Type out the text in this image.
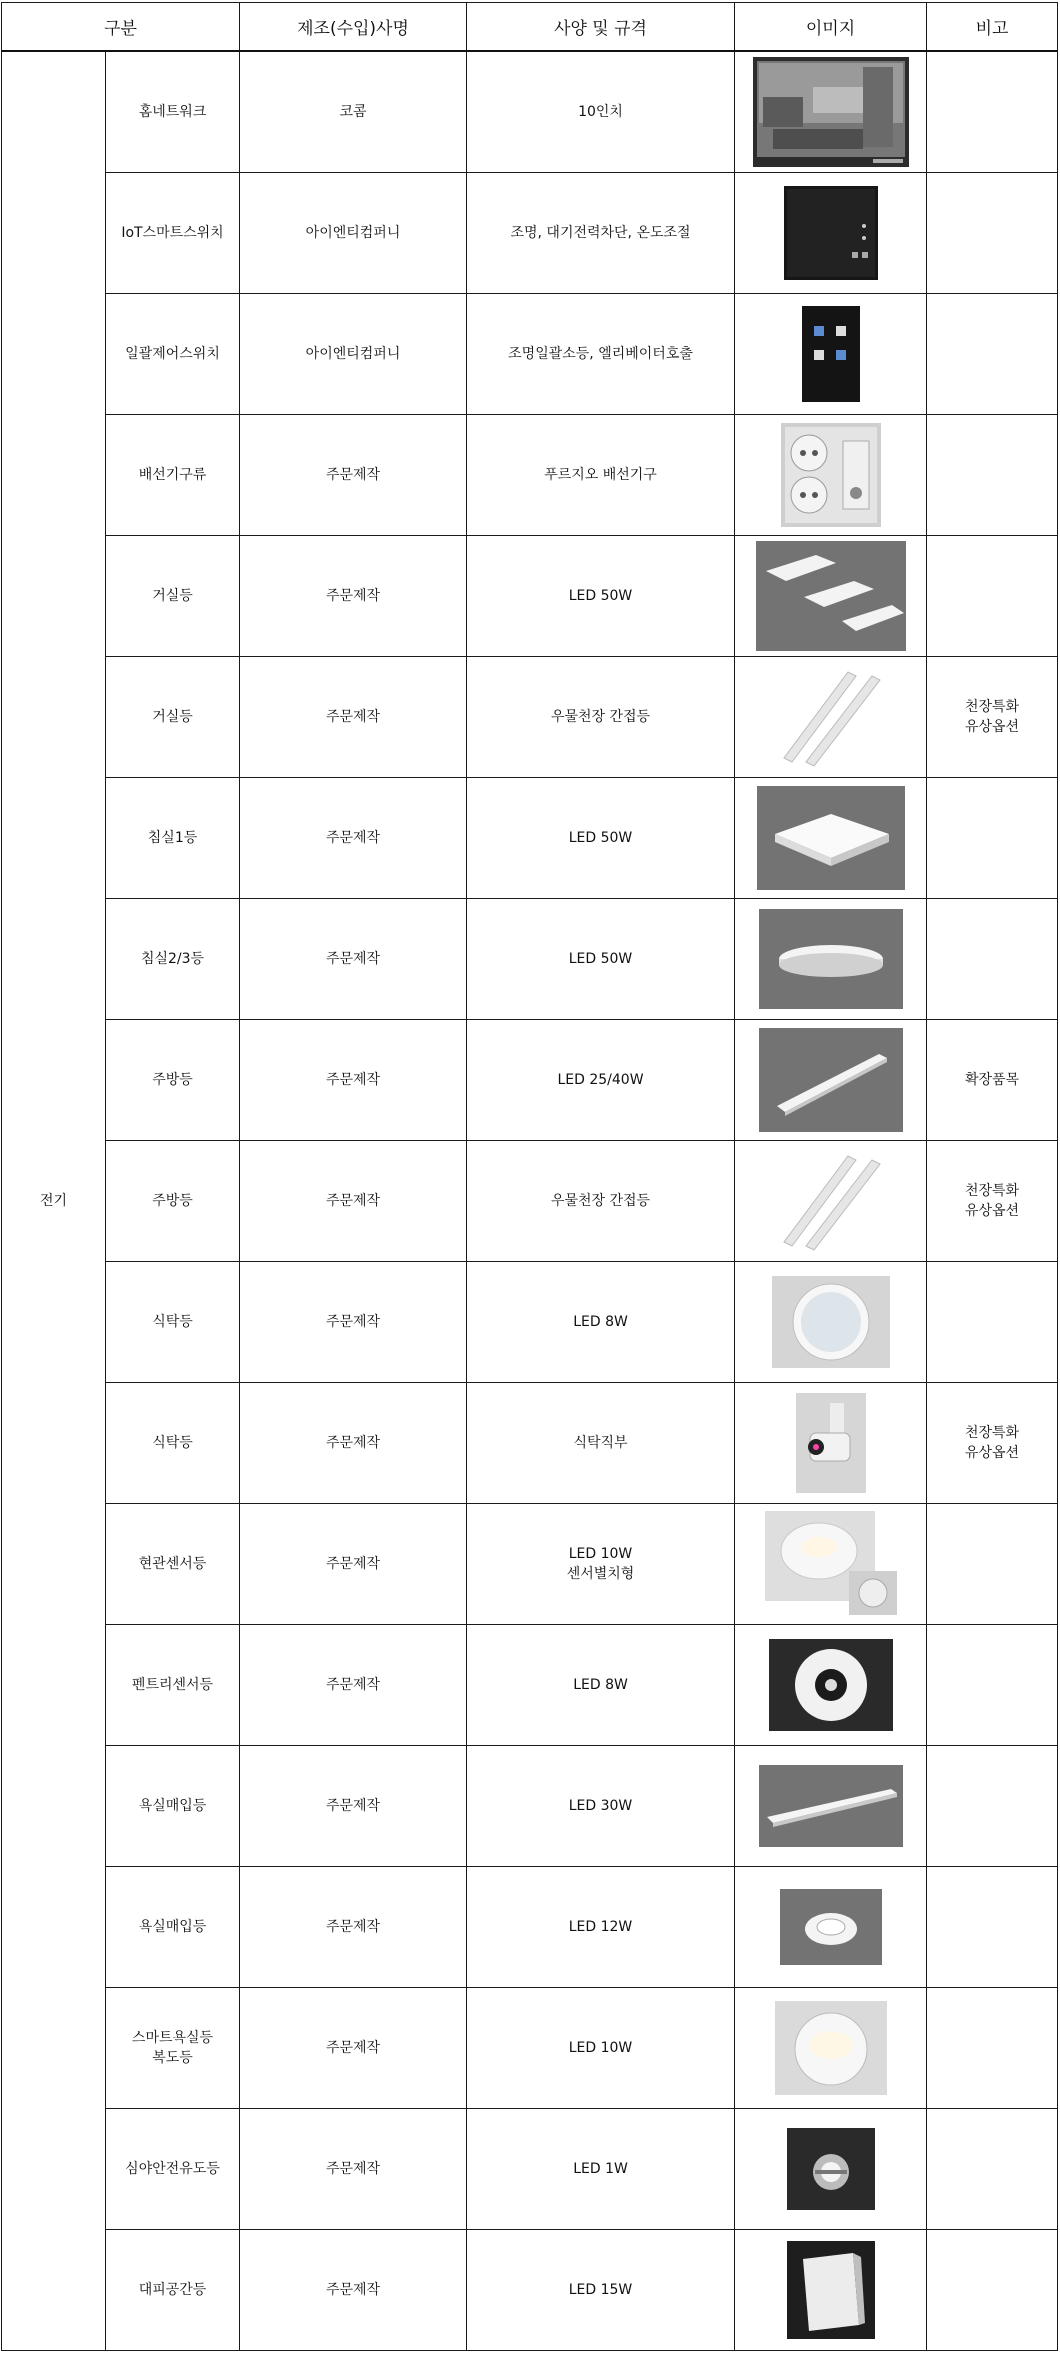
구분		제조(수입)사명	사양 및 규격	이미지	비고
전기	홈네트워크	코콤	10인치	

	IoT스마트스위치	아이엔티컴퍼니	조명, 대기전력차단, 온도조절	

	일괄제어스위치	아이엔티컴퍼니	조명일괄소등, 엘리베이터호출	

	배선기구류	주문제작	푸르지오 배선기구	

	거실등	주문제작	LED 50W	

	거실등	주문제작	우물천장 간접등		천장특화
유상옵션
	침실1등	주문제작	LED 50W	

	침실2/3등	주문제작	LED 50W	

	주방등	주문제작	LED 25/40W		확장품목
	주방등	주문제작	우물천장 간접등		천장특화
유상옵션
	식탁등	주문제작	LED 8W	

	식탁등	주문제작	식탁직부		천장특화
유상옵션
	현관센서등	주문제작	LED 10W
센서별치형	

	펜트리센서등	주문제작	LED 8W	

	욕실매입등	주문제작	LED 30W	

	욕실매입등	주문제작	LED 12W	

	스마트욕실등
복도등	주문제작	LED 10W	

	심야안전유도등	주문제작	LED 1W	

	대피공간등	주문제작	LED 15W	
